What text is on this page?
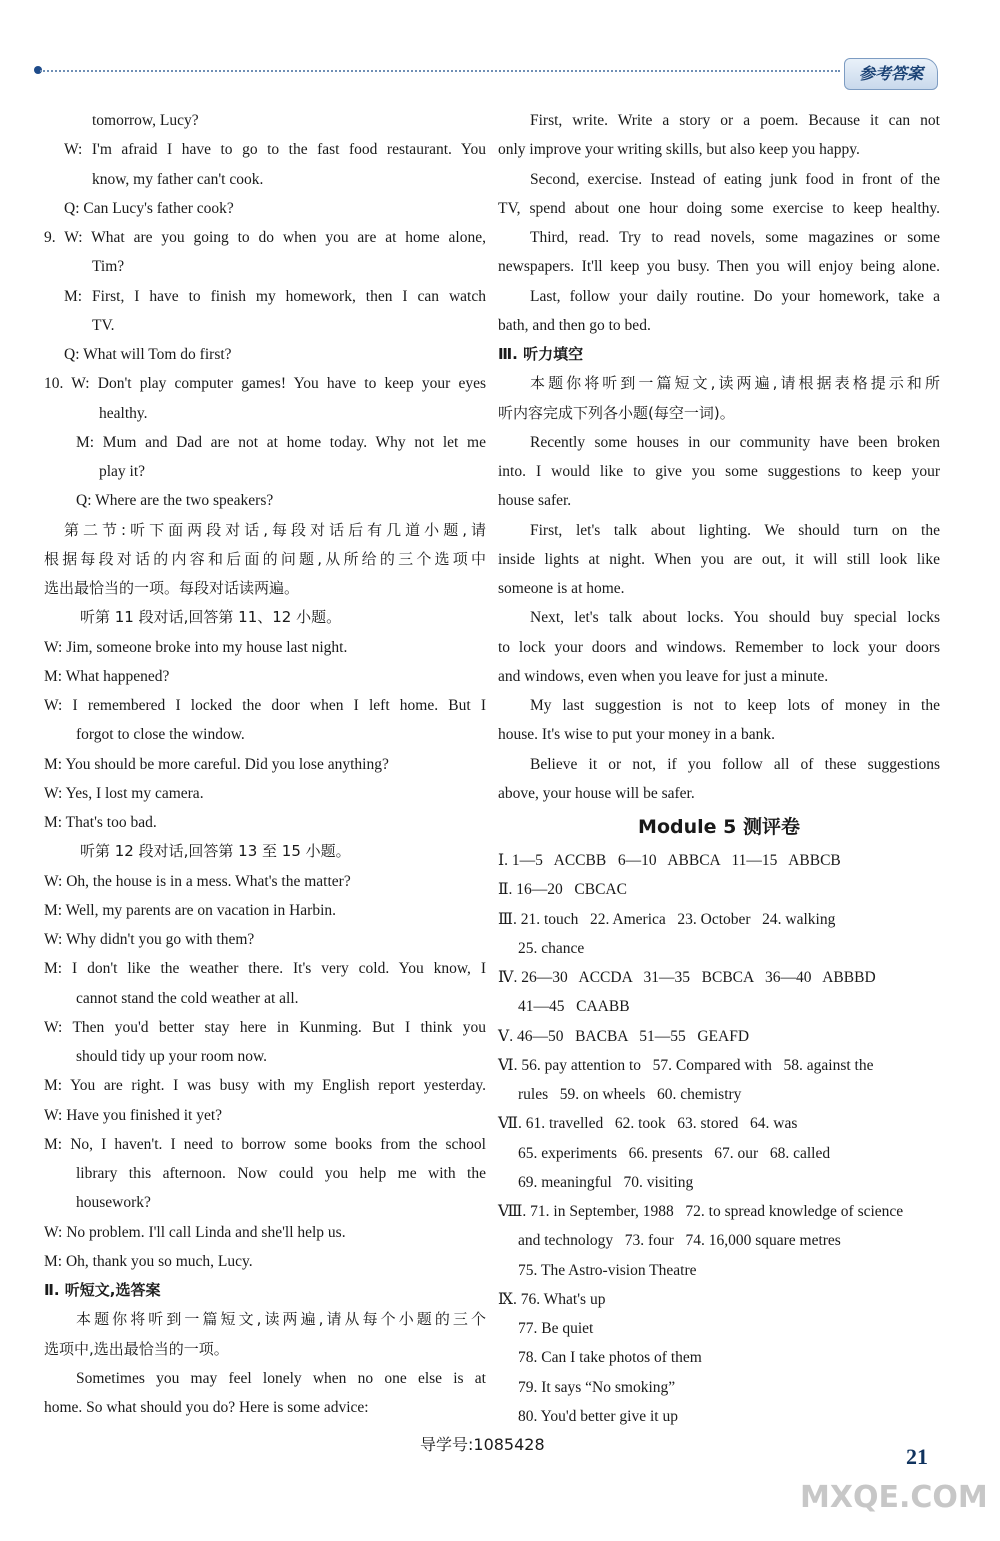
参考答案
tomorrow, Lucy?
W: I'm afraid I have to go to the fast food restaurant. You
know, my father can't cook.
Q: Can Lucy's father cook?
9. W: What are you going to do when you are at home alone,
Tim?
M: First, I have to finish my homework, then I can watch
TV.
Q: What will Tom do first?
10. W: Don't play computer games! You have to keep your eyes
healthy.
M: Mum and Dad are not at home today. Why not let me
play it?
Q: Where are the two speakers?
第二节:听下面两段对话,每段对话后有几道小题,请
根据每段对话的内容和后面的问题,从所给的三个选项中
选出最恰当的一项。每段对话读两遍。
听第 11 段对话,回答第 11、12 小题。
W: Jim, someone broke into my house last night.
M: What happened?
W: I remembered I locked the door when I left home. But I
forgot to close the window.
M: You should be more careful. Did you lose anything?
W: Yes, I lost my camera.
M: That's too bad.
听第 12 段对话,回答第 13 至 15 小题。
W: Oh, the house is in a mess. What's the matter?
M: Well, my parents are on vacation in Harbin.
W: Why didn't you go with them?
M: I don't like the weather there. It's very cold. You know, I
cannot stand the cold weather at all.
W: Then you'd better stay here in Kunming. But I think you
should tidy up your room now.
M: You are right. I was busy with my English report yesterday.
W: Have you finished it yet?
M: No, I haven't. I need to borrow some books from the school
library this afternoon. Now could you help me with the
housework?
W: No problem. I'll call Linda and she'll help us.
M: Oh, thank you so much, Lucy.
Ⅱ. 听短文,选答案
本题你将听到一篇短文,读两遍,请从每个小题的三个
选项中,选出最恰当的一项。
Sometimes you may feel lonely when no one else is at
home. So what should you do? Here is some advice:
First, write. Write a story or a poem. Because it can not
only improve your writing skills, but also keep you happy.
Second, exercise. Instead of eating junk food in front of the
TV, spend about one hour doing some exercise to keep healthy.
Third, read. Try to read novels, some magazines or some
newspapers. It'll keep you busy. Then you will enjoy being alone.
Last, follow your daily routine. Do your homework, take a
bath, and then go to bed.
Ⅲ. 听力填空
本题你将听到一篇短文,读两遍,请根据表格提示和所
听内容完成下列各小题(每空一词)。
Recently some houses in our community have been broken
into. I would like to give you some suggestions to keep your
house safer.
First, let's talk about lighting. We should turn on the
inside lights at night. When you are out, it will still look like
someone is at home.
Next, let's talk about locks. You should buy special locks
to lock your doors and windows. Remember to lock your doors
and windows, even when you leave for just a minute.
My last suggestion is not to keep lots of money in the
house. It's wise to put your money in a bank.
Believe it or not, if you follow all of these suggestions
above, your house will be safer.
Module 5 测评卷
Ⅰ. 1—5   ACCBB   6—10   ABBCA   11—15   ABBCB
Ⅱ. 16—20   CBCAC
Ⅲ. 21. touch   22. America   23. October   24. walking
25. chance
Ⅳ. 26—30   ACCDA   31—35   BCBCA   36—40   ABBBD
41—45   CAABB
Ⅴ. 46—50   BACBA   51—55   GEAFD
Ⅵ. 56. pay attention to   57. Compared with   58. against the
rules   59. on wheels   60. chemistry
Ⅶ. 61. travelled   62. took   63. stored   64. was
65. experiments   66. presents   67. our   68. called
69. meaningful   70. visiting
Ⅷ. 71. in September, 1988   72. to spread knowledge of science
and technology   73. four   74. 16,000 square metres
75. The Astro-vision Theatre
Ⅸ. 76. What's up
77. Be quiet
78. Can I take photos of them
79. It says “No smoking”
80. You'd better give it up
导学号:1085428	21
MXQE.COM
